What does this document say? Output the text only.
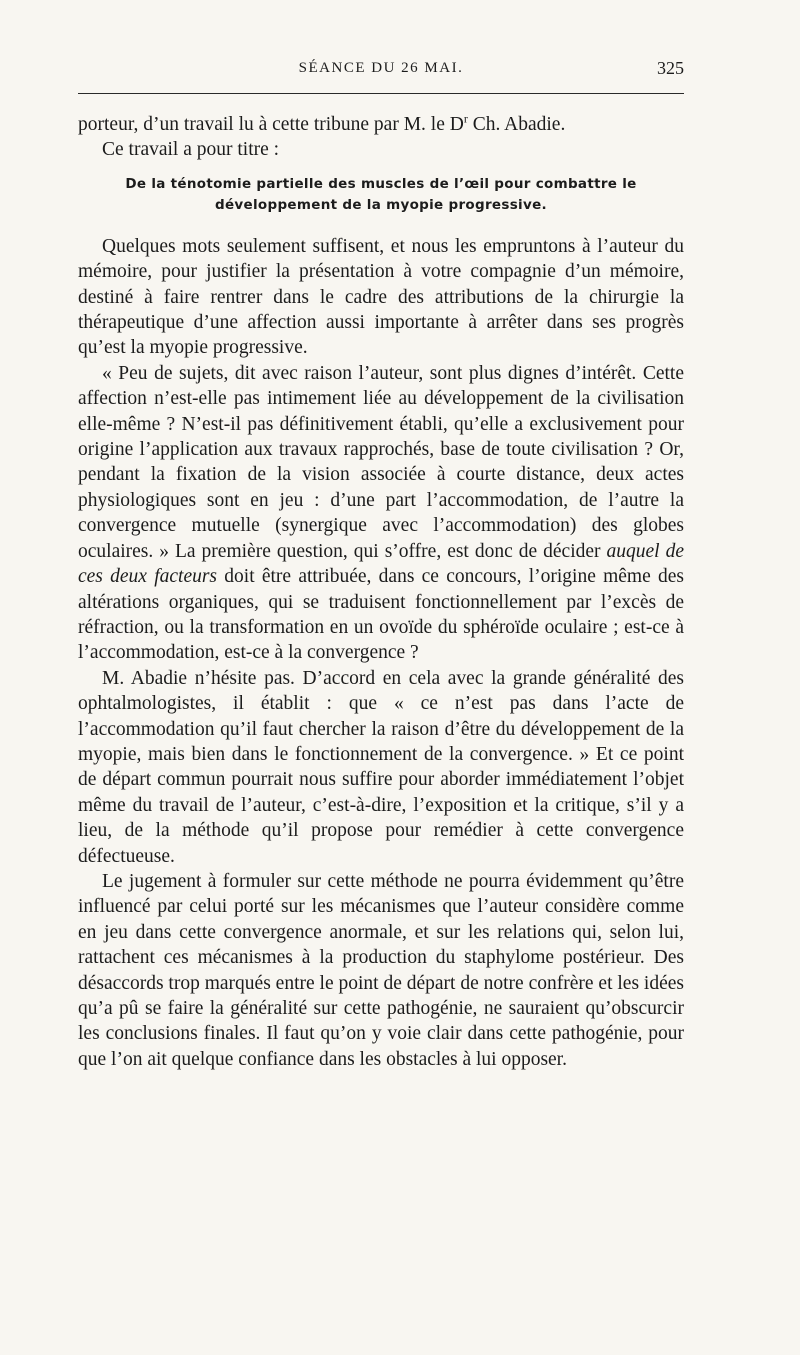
SÉANCE DU 26 MAI.	325

porteur, d’un travail lu à cette tribune par M. le $D^r$ Ch. Abadie.

Ce travail a pour titre :

De la ténotomie partielle des muscles de l’œil pour combattre le développement de la myopie progressive.

Quelques mots seulement suffisent, et nous les empruntons à l’auteur du mémoire, pour justifier la présentation à votre compagnie d’un mémoire, destiné à faire rentrer dans le cadre des attributions de la chirurgie la thérapeutique d’une affection aussi importante à arrêter dans ses progrès qu’est la myopie progressive.

« Peu de sujets, dit avec raison l’auteur, sont plus dignes d’intérêt. Cette affection n’est-elle pas intimement liée au développement de la civilisation elle-même ? N’est-il pas définitivement établi, qu’elle a exclusivement pour origine l’application aux travaux rapprochés, base de toute civilisation ? Or, pendant la fixation de la vision associée à courte distance, deux actes physiologiques sont en jeu : d’une part l’accommodation, de l’autre la convergence mutuelle (synergique avec l’accommodation) des globes oculaires. » La première question, qui s’offre, est donc de décider auquel de ces deux facteurs doit être attribuée, dans ce concours, l’origine même des altérations organiques, qui se traduisent fonctionnellement par l’excès de réfraction, ou la transformation en un ovoïde du sphéroïde oculaire ; est-ce à l’accommodation, est-ce à la convergence ?

M. Abadie n’hésite pas. D’accord en cela avec la grande généralité des ophtalmologistes, il établit : que « ce n’est pas dans l’acte de l’accommodation qu’il faut chercher la raison d’être du développement de la myopie, mais bien dans le fonctionnement de la convergence. » Et ce point de départ commun pourrait nous suffire pour aborder immédiatement l’objet même du travail de l’auteur, c’est-à-dire, l’exposition et la critique, s’il y a lieu, de la méthode qu’il propose pour remédier à cette convergence défectueuse.

Le jugement à formuler sur cette méthode ne pourra évidemment qu’être influencé par celui porté sur les mécanismes que l’auteur considère comme en jeu dans cette convergence anormale, et sur les relations qui, selon lui, rattachent ces mécanismes à la production du staphylome postérieur. Des désaccords trop marqués entre le point de départ de notre confrère et les idées qu’a pû se faire la généralité sur cette pathogénie, ne sauraient qu’obscurcir les conclusions finales. Il faut qu’on y voie clair dans cette pathogénie, pour que l’on ait quelque confiance dans les obstacles à lui opposer.
